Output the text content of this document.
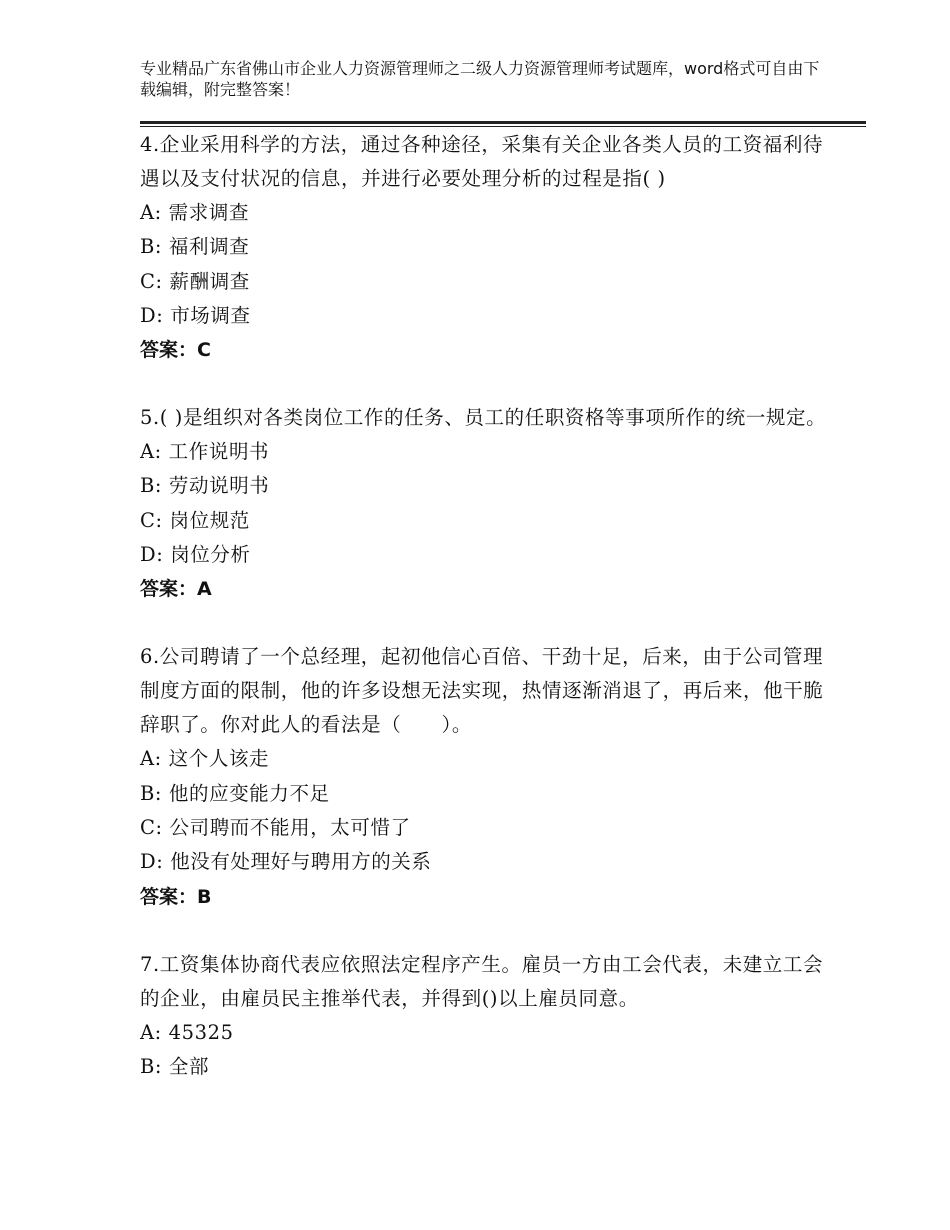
专业精品广东省佛山市企业人力资源管理师之二级人力资源管理师考试题库，word格式可自由下载编辑，附完整答案！

4.企业采用科学的方法，通过各种途径，采集有关企业各类人员的工资福利待遇以及支付状况的信息，并进行必要处理分析的过程是指( )

A: 需求调查

B: 福利调查

C: 薪酬调查

D: 市场调查

答案：C

5.( )是组织对各类岗位工作的任务、员工的任职资格等事项所作的统一规定。

A: 工作说明书

B: 劳动说明书

C: 岗位规范

D: 岗位分析

答案：A

6.公司聘请了一个总经理，起初他信心百倍、干劲十足，后来，由于公司管理制度方面的限制，他的许多设想无法实现，热情逐渐消退了，再后来，他干脆辞职了。你对此人的看法是（　　）。

A: 这个人该走

B: 他的应变能力不足

C: 公司聘而不能用，太可惜了

D: 他没有处理好与聘用方的关系

答案：B

7.工资集体协商代表应依照法定程序产生。雇员一方由工会代表，未建立工会的企业，由雇员民主推举代表，并得到()以上雇员同意。

A: 45325

B: 全部
